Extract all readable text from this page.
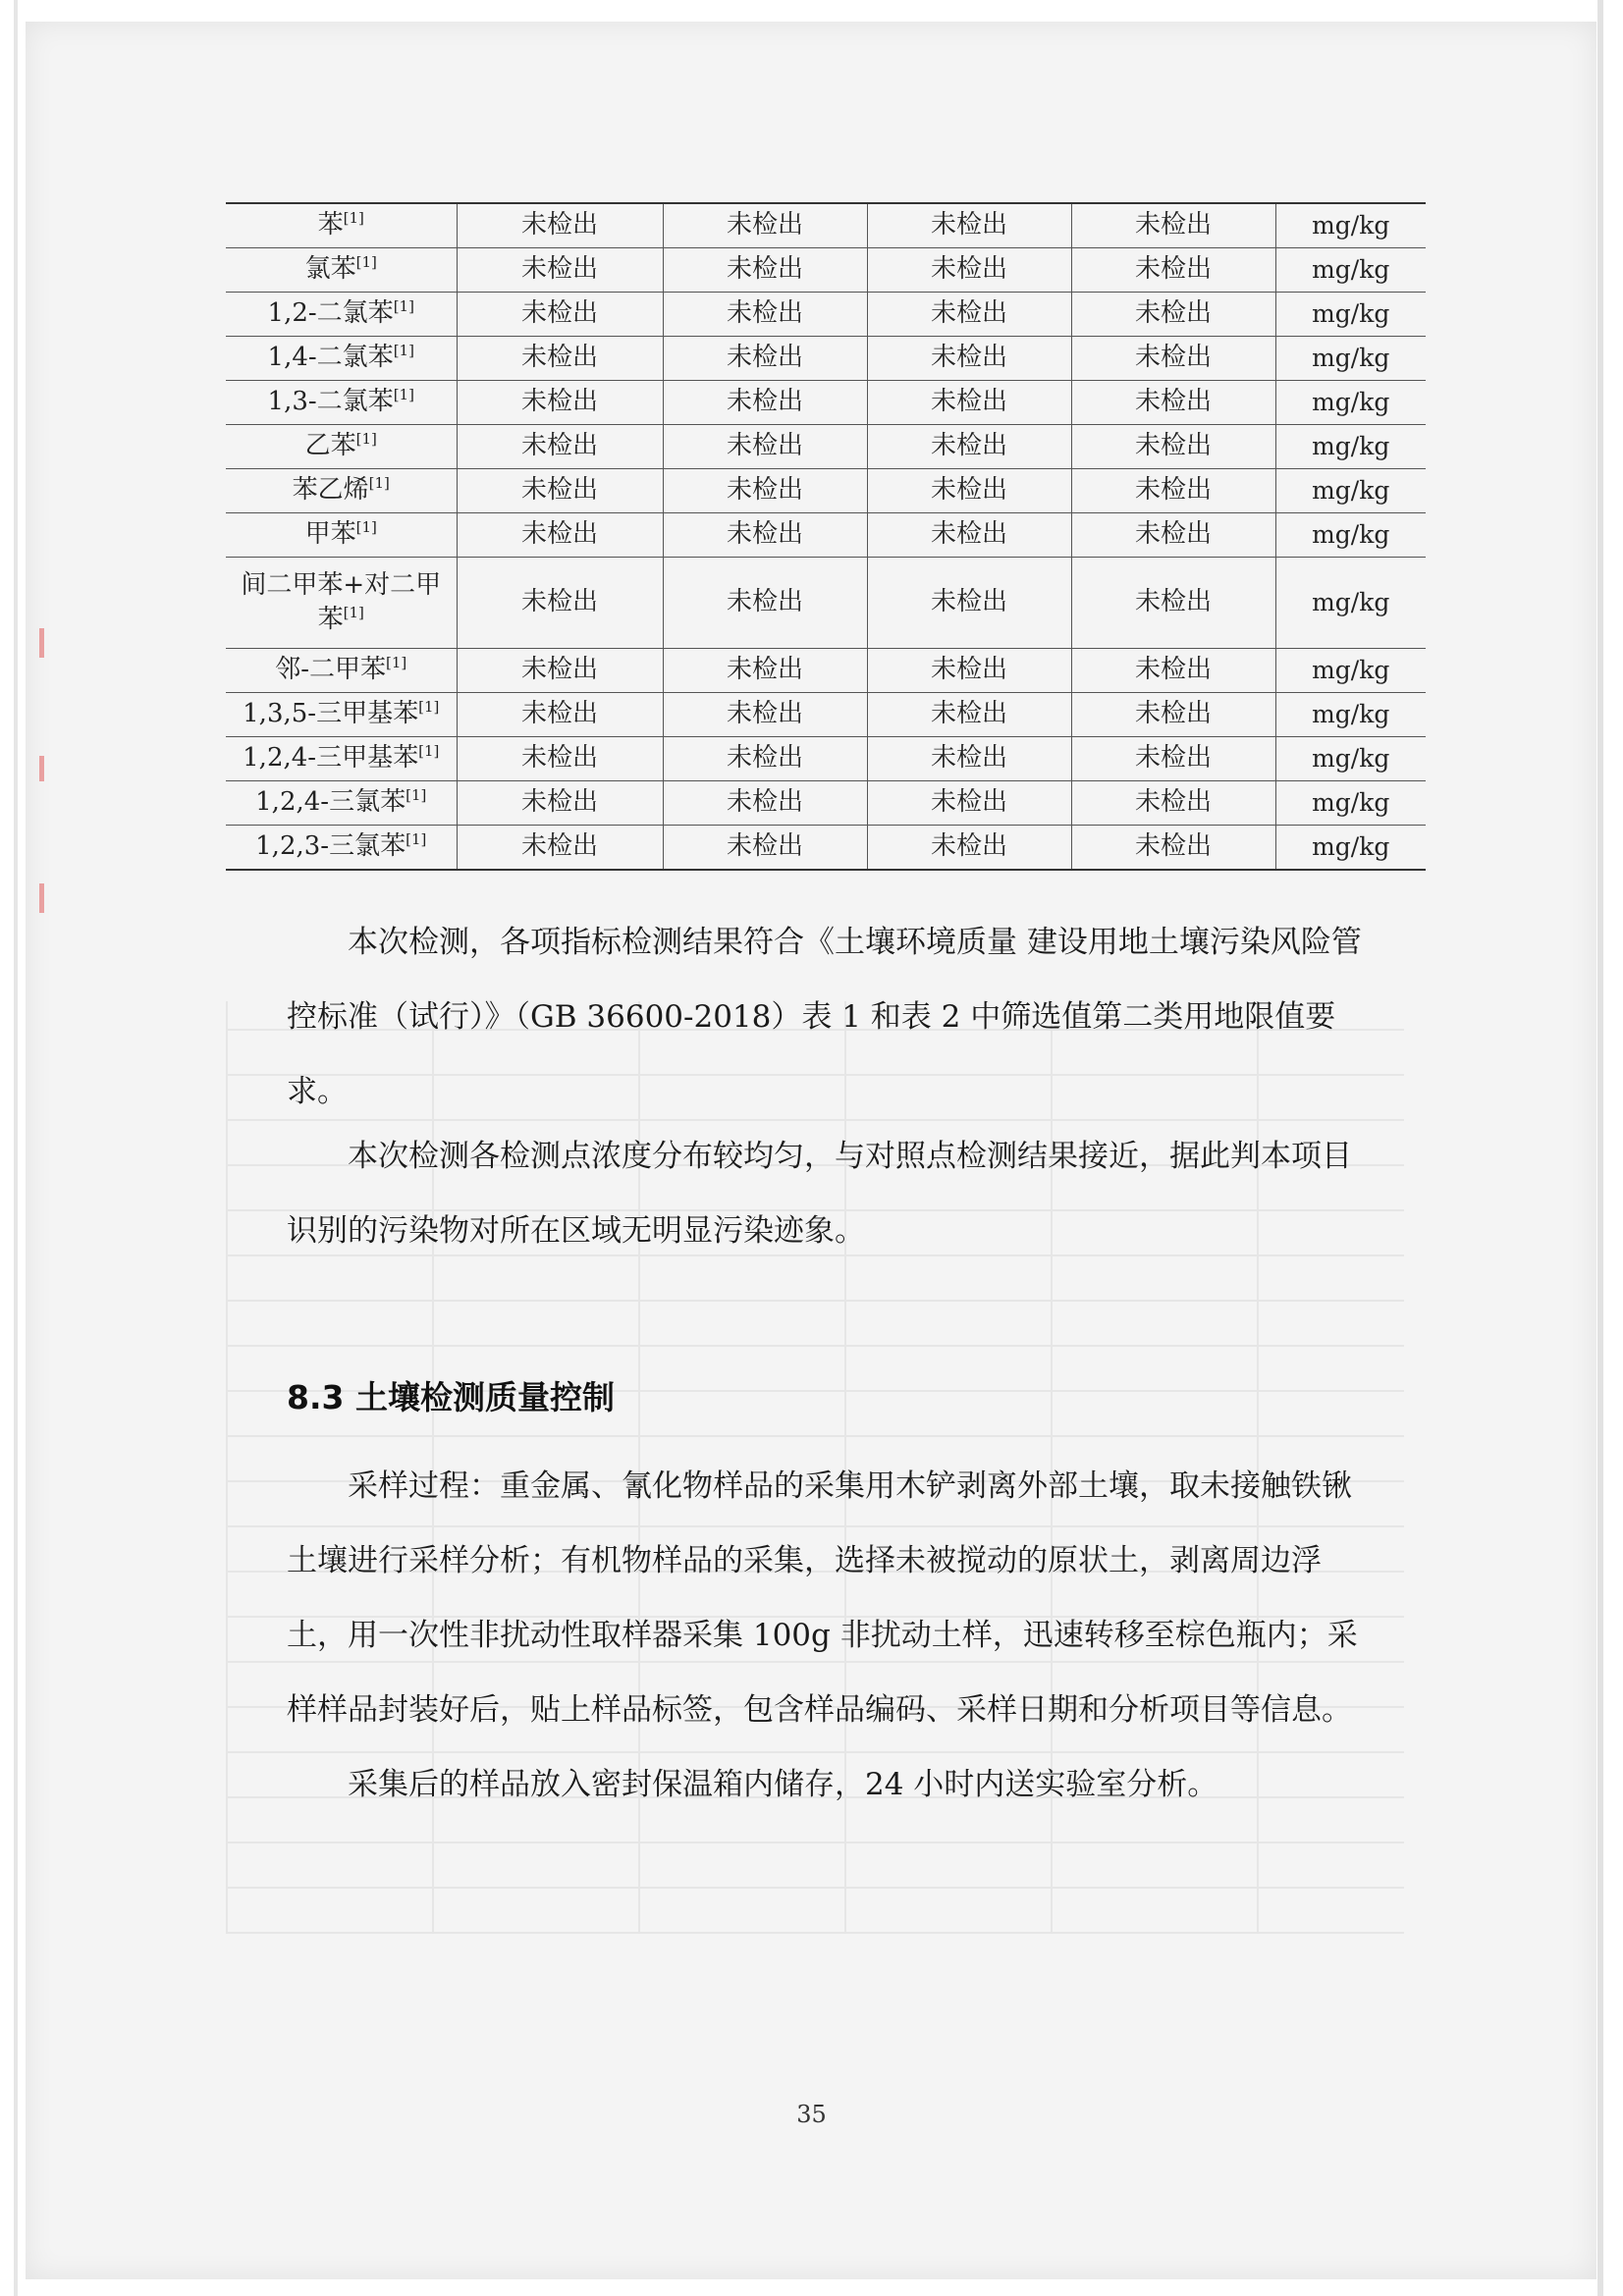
苯[1]	未检出	未检出	未检出	未检出	mg/kg
氯苯[1]	未检出	未检出	未检出	未检出	mg/kg
1,2-二氯苯[1]	未检出	未检出	未检出	未检出	mg/kg
1,4-二氯苯[1]	未检出	未检出	未检出	未检出	mg/kg
1,3-二氯苯[1]	未检出	未检出	未检出	未检出	mg/kg
乙苯[1]	未检出	未检出	未检出	未检出	mg/kg
苯乙烯[1]	未检出	未检出	未检出	未检出	mg/kg
甲苯[1]	未检出	未检出	未检出	未检出	mg/kg
间二甲苯+对二甲苯[1]	未检出	未检出	未检出	未检出	mg/kg
邻-二甲苯[1]	未检出	未检出	未检出	未检出	mg/kg
1,3,5-三甲基苯[1]	未检出	未检出	未检出	未检出	mg/kg
1,2,4-三甲基苯[1]	未检出	未检出	未检出	未检出	mg/kg
1,2,4-三氯苯[1]	未检出	未检出	未检出	未检出	mg/kg
1,2,3-三氯苯[1]	未检出	未检出	未检出	未检出	mg/kg

本次检测，各项指标检测结果符合《土壤环境质量 建设用地土壤污染风险管控标准（试行）》（GB 36600-2018）表 1 和表 2 中筛选值第二类用地限值要求。

本次检测各检测点浓度分布较均匀，与对照点检测结果接近，据此判本项目识别的污染物对所在区域无明显污染迹象。

8.3 土壤检测质量控制

采样过程：重金属、氰化物样品的采集用木铲剥离外部土壤，取未接触铁锹土壤进行采样分析；有机物样品的采集，选择未被搅动的原状土，剥离周边浮土，用一次性非扰动性取样器采集 100g 非扰动土样，迅速转移至棕色瓶内；采样样品封装好后，贴上样品标签，包含样品编码、采样日期和分析项目等信息。

采集后的样品放入密封保温箱内储存，24 小时内送实验室分析。

35
